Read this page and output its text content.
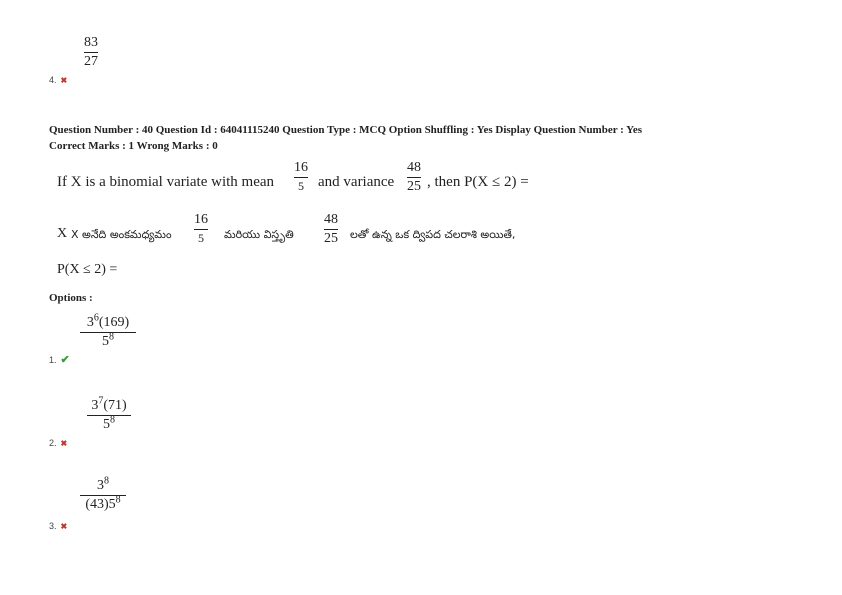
83
27
4. ✖
Question Number : 40 Question Id : 64041115240 Question Type : MCQ Option Shuffling : Yes Display Question Number : Yes
Correct Marks : 1 Wrong Marks : 0
If X is a binomial variate with mean
16
5 and variance
48
25 , then P(X ≤ 2) =
X X అనేది అంకమధ్యమం
16
5 మరియు విస్తృతి
48
25 లతో ఉన్న ఒక ద్విపద చలరాశి అయితే,
P(X ≤ 2) =
Options :
$3^6(169)$
$5^8$
1. ✔
$3^7(71)$
$5^8$
2. ✖
$3^8$
$(43)5^8$
3. ✖
